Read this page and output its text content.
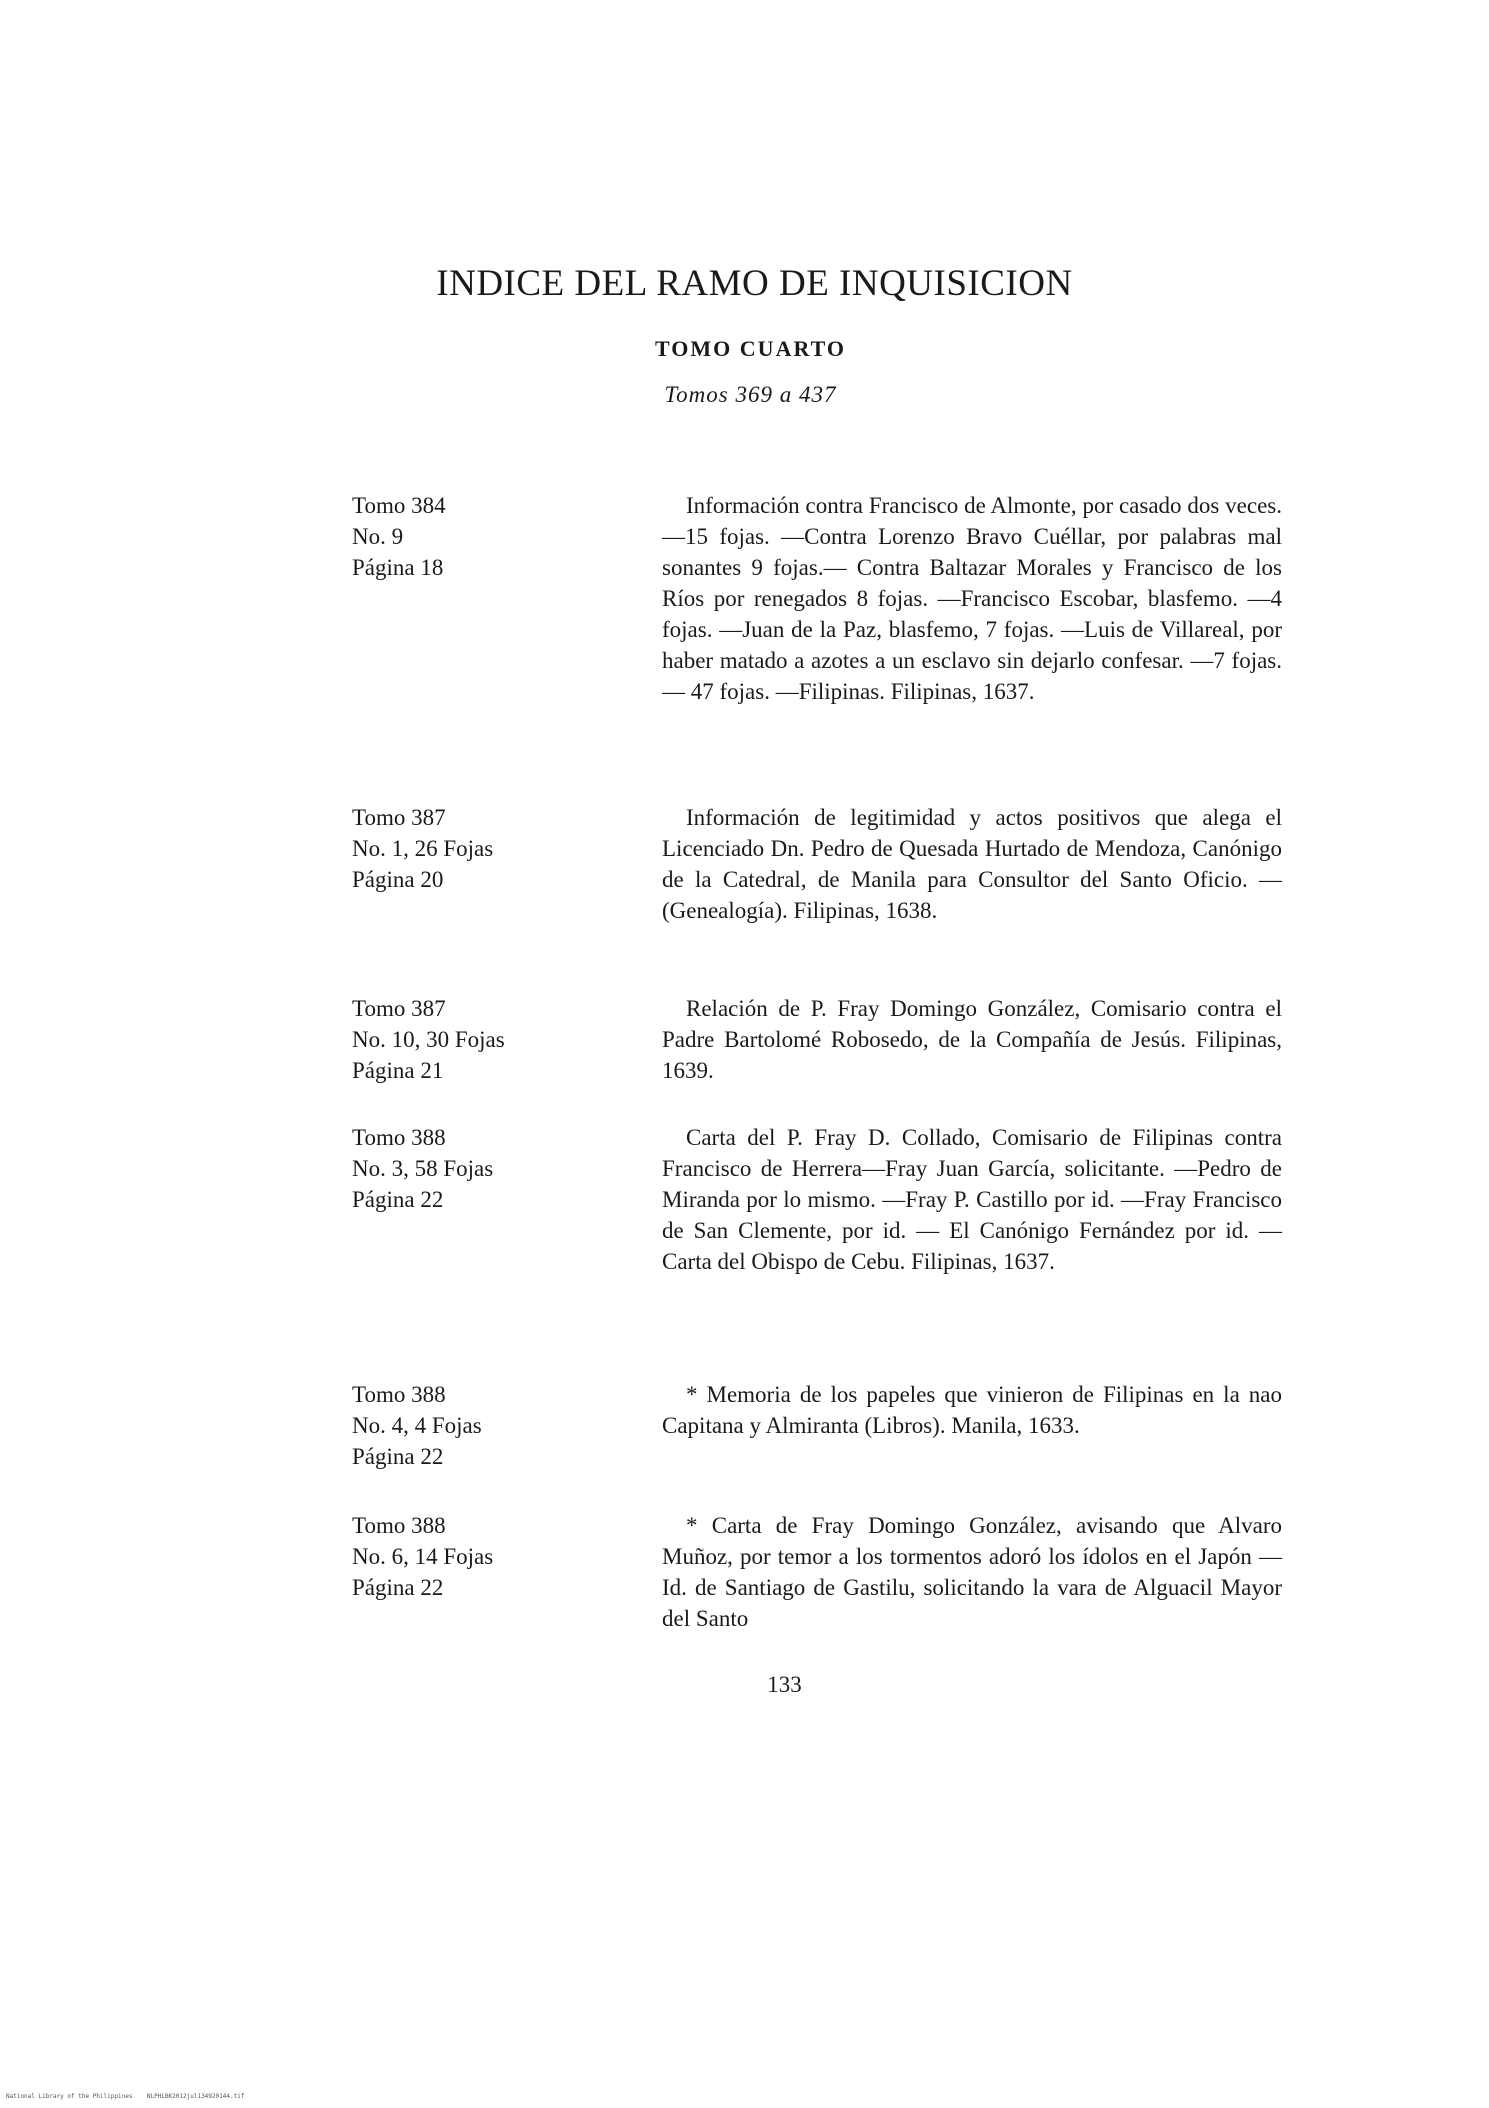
INDICE DEL RAMO DE INQUISICION
TOMO CUARTO
Tomos 369 a 437
Tomo 384
No. 9
Página 18
Información contra Francisco de Almonte, por casado dos veces. —15 fojas. —Contra Lorenzo Bravo Cuéllar, por palabras mal sonantes 9 fojas.— Contra Baltazar Morales y Francisco de los Ríos por renegados 8 fojas. —Francisco Escobar, blasfemo. —4 fojas. —Juan de la Paz, blasfemo, 7 fojas. —Luis de Villareal, por haber matado a azotes a un esclavo sin dejarlo confesar. —7 fojas. — 47 fojas. —Filipinas. Filipinas, 1637.
Tomo 387
No. 1, 26 Fojas
Página 20
Información de legitimidad y actos positivos que alega el Licenciado Dn. Pedro de Quesada Hurtado de Mendoza, Canónigo de la Catedral, de Manila para Consultor del Santo Oficio. —(Genealogía). Filipinas, 1638.
Tomo 387
No. 10, 30 Fojas
Página 21
Relación de P. Fray Domingo González, Comisario contra el Padre Bartolomé Robosedo, de la Compañía de Jesús. Filipinas, 1639.
Tomo 388
No. 3, 58 Fojas
Página 22
Carta del P. Fray D. Collado, Comisario de Filipinas contra Francisco de Herrera—Fray Juan García, solicitante. —Pedro de Miranda por lo mismo. —Fray P. Castillo por id. —Fray Francisco de San Clemente, por id. — El Canónigo Fernández por id. — Carta del Obispo de Cebu. Filipinas, 1637.
Tomo 388
No. 4, 4 Fojas
Página 22
* Memoria de los papeles que vinieron de Filipinas en la nao Capitana y Almiranta (Libros). Manila, 1633.
Tomo 388
No. 6, 14 Fojas
Página 22
* Carta de Fray Domingo González, avisando que Alvaro Muñoz, por temor a los tormentos adoró los ídolos en el Japón — Id. de Santiago de Gastilu, solicitando la vara de Alguacil Mayor del Santo
133
National Library of the Philippines    NLPHLBK2012jul134920144.tif
